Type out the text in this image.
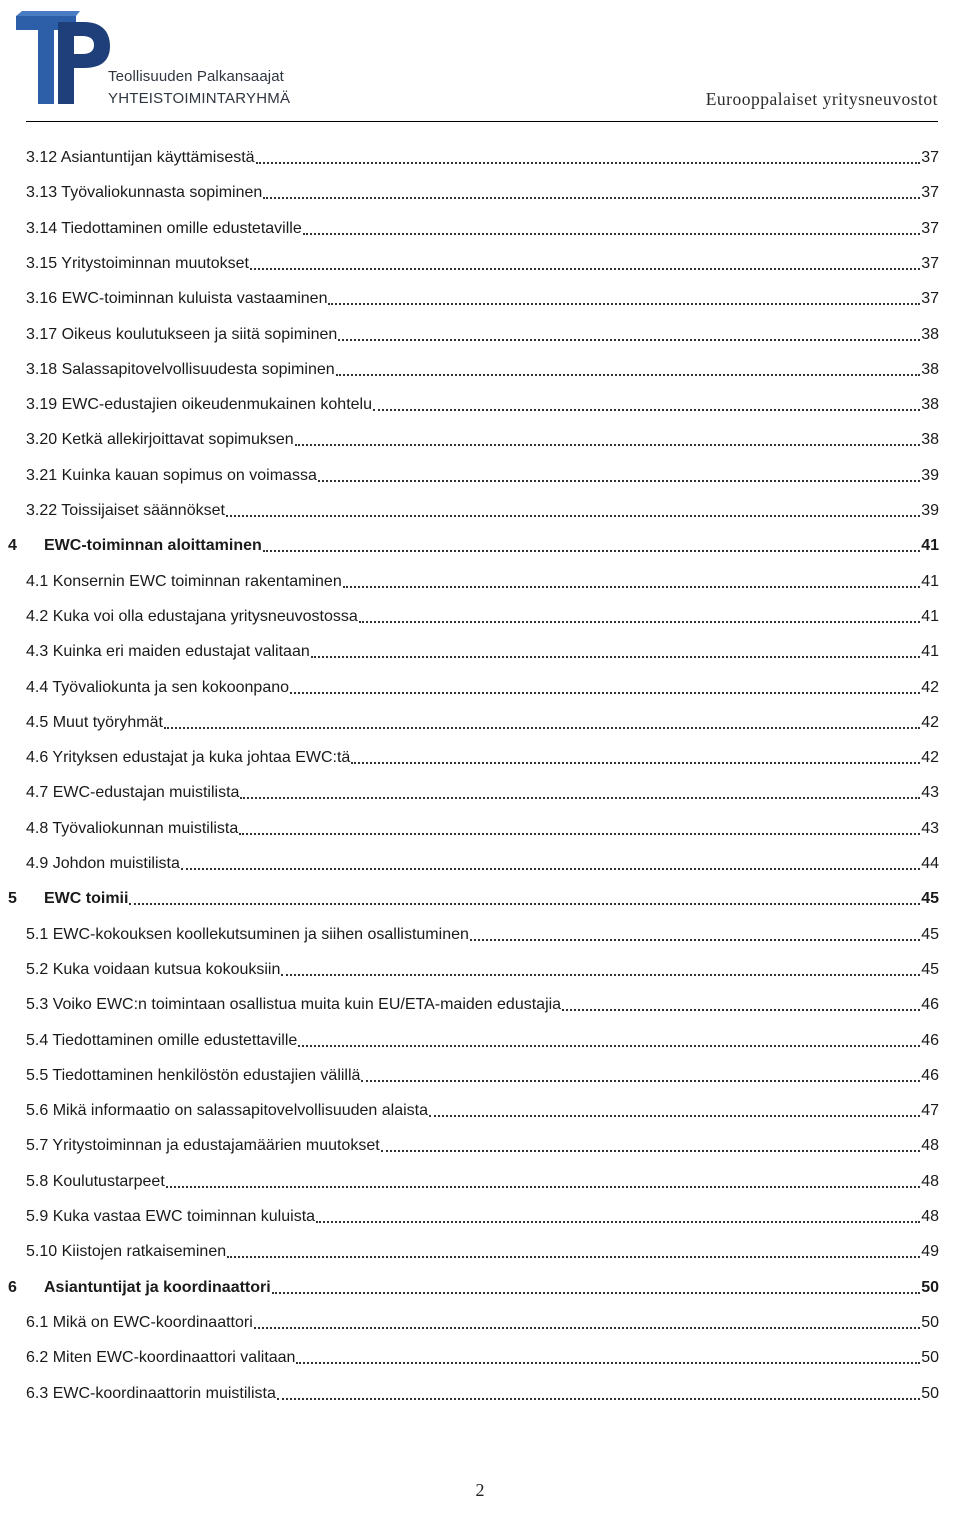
Teollisuuden Palkansaajat
YHTEISTOIMINTARYHMÄ	Eurooppalaiset yritysneuvostot
3.12 Asiantuntijan käyttämisestä	37
3.13 Työvaliokunnasta sopiminen	37
3.14 Tiedottaminen omille edustetaville	37
3.15 Yritystoiminnan muutokset	37
3.16 EWC-toiminnan kuluista vastaaminen	37
3.17 Oikeus koulutukseen ja siitä sopiminen	38
3.18 Salassapitovelvollisuudesta sopiminen	38
3.19 EWC-edustajien oikeudenmukainen kohtelu	38
3.20 Ketkä allekirjoittavat sopimuksen	38
3.21 Kuinka kauan sopimus on voimassa	39
3.22 Toissijaiset säännökset	39
4	EWC-toiminnan aloittaminen	41
4.1 Konsernin EWC toiminnan rakentaminen	41
4.2 Kuka voi olla edustajana yritysneuvostossa	41
4.3 Kuinka eri maiden edustajat valitaan	41
4.4 Työvaliokunta ja sen kokoonpano	42
4.5 Muut työryhmät	42
4.6 Yrityksen edustajat ja kuka johtaa EWC:tä	42
4.7 EWC-edustajan muistilista	43
4.8 Työvaliokunnan muistilista	43
4.9 Johdon muistilista	44
5	EWC toimii	45
5.1 EWC-kokouksen koollekutsuminen ja siihen osallistuminen	45
5.2 Kuka voidaan kutsua kokouksiin	45
5.3 Voiko EWC:n toimintaan osallistua muita kuin EU/ETA-maiden edustajia	46
5.4 Tiedottaminen omille edustettaville	46
5.5 Tiedottaminen henkilöstön edustajien välillä	46
5.6 Mikä informaatio on salassapitovelvollisuuden alaista	47
5.7 Yritystoiminnan ja edustajamäärien muutokset	48
5.8 Koulutustarpeet	48
5.9 Kuka vastaa EWC toiminnan kuluista	48
5.10 Kiistojen ratkaiseminen	49
6	Asiantuntijat ja koordinaattori	50
6.1 Mikä on EWC-koordinaattori	50
6.2 Miten EWC-koordinaattori valitaan	50
6.3 EWC-koordinaattorin muistilista	50
2
